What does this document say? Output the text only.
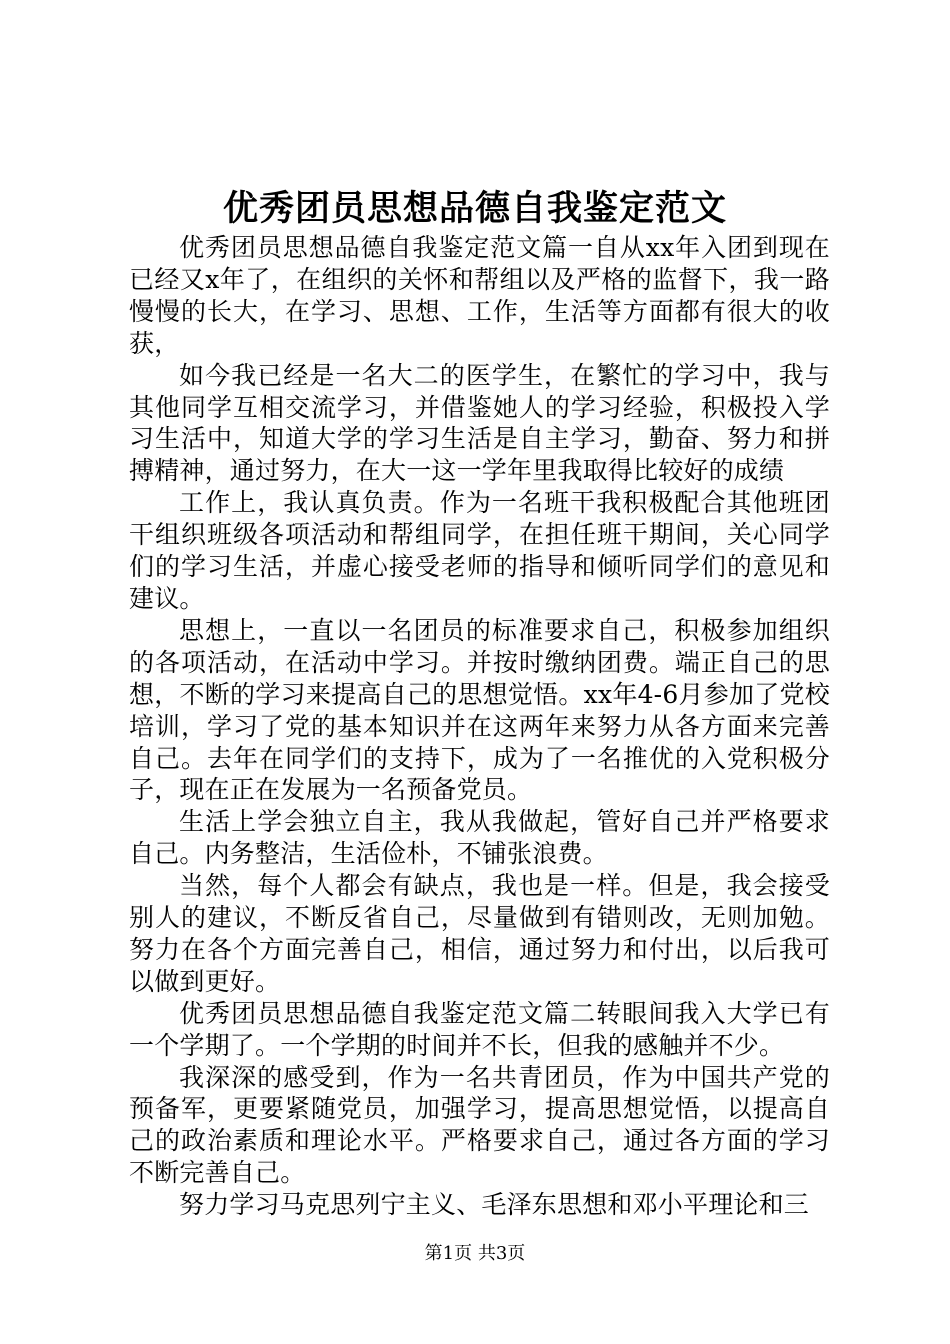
优秀团员思想品德自我鉴定范文

优秀团员思想品德自我鉴定范文篇一自从xx年入团到现在已经又x年了，在组织的关怀和帮组以及严格的监督下，我一路慢慢的长大，在学习、思想、工作，生活等方面都有很大的收获，

如今我已经是一名大二的医学生，在繁忙的学习中，我与其他同学互相交流学习，并借鉴她人的学习经验，积极投入学习生活中，知道大学的学习生活是自主学习，勤奋、努力和拼搏精神，通过努力，在大一这一学年里我取得比较好的成绩

工作上，我认真负责。作为一名班干我积极配合其他班团干组织班级各项活动和帮组同学，在担任班干期间，关心同学们的学习生活，并虚心接受老师的指导和倾听同学们的意见和建议。

思想上，一直以一名团员的标准要求自己，积极参加组织的各项活动，在活动中学习。并按时缴纳团费。端正自己的思想，不断的学习来提高自己的思想觉悟。xx年4-6月参加了党校培训，学习了党的基本知识并在这两年来努力从各方面来完善自己。去年在同学们的支持下，成为了一名推优的入党积极分子，现在正在发展为一名预备党员。

生活上学会独立自主，我从我做起，管好自己并严格要求自己。内务整洁，生活俭朴，不铺张浪费。

当然，每个人都会有缺点，我也是一样。但是，我会接受别人的建议，不断反省自己，尽量做到有错则改，无则加勉。努力在各个方面完善自己，相信，通过努力和付出，以后我可以做到更好。

优秀团员思想品德自我鉴定范文篇二转眼间我入大学已有一个学期了。一个学期的时间并不长，但我的感触并不少。

我深深的感受到，作为一名共青团员，作为中国共产党的预备军，更要紧随党员，加强学习，提高思想觉悟，以提高自己的政治素质和理论水平。严格要求自己，通过各方面的学习不断完善自己。

努力学习马克思列宁主义、毛泽东思想和邓小平理论和三

第1页 共3页
